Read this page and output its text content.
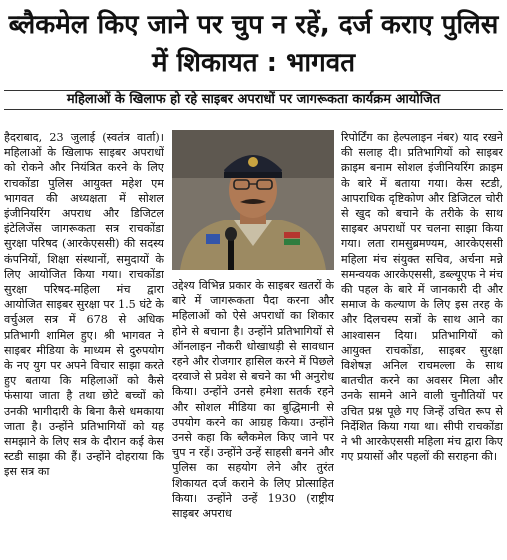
ब्लैकमेल किए जाने पर चुप न रहें, दर्ज कराए पुलिस में शिकायत : भागवत
महिलाओं के खिलाफ हो रहे साइबर अपराधों पर जागरूकता कार्यक्रम आयोजित

हैदराबाद, 23 जुलाई (स्वतंत्र वार्ता)। महिलाओं के खिलाफ साइबर अपराधों को रोकने और नियंत्रित करने के लिए राचकोंडा पुलिस आयुक्त महेश एम भागवत की अध्यक्षता में सोशल इंजीनियरिंग अपराध और डिजिटल इंटेलिजेंस जागरूकता सत्र राचकोंडा सुरक्षा परिषद (आरकेएससी) की सदस्य कंपनियों, शिक्षा संस्थानों, समुदायों के लिए आयोजित किया गया। राचकोंडा सुरक्षा परिषद-महिला मंच द्वारा आयोजित साइबर सुरक्षा पर 1.5 घंटे के वर्चुअल सत्र में 678 से अधिक प्रतिभागी शामिल हुए। श्री भागवत ने साइबर मीडिया के माध्यम से दुरुपयोग के नए युग पर अपने विचार साझा करते हुए बताया कि महिलाओं को कैसे फंसाया जाता है तथा छोटे बच्चों को उनकी भागीदारी के बिना कैसे धमकाया जाता है। उन्होंने प्रतिभागियों को यह समझाने के लिए सत्र के दौरान कई केस स्टडी साझा की हैं। उन्होंने दोहराया कि इस सत्र का

उद्देश्य विभिन्न प्रकार के साइबर खतरों के बारे में जागरूकता पैदा करना और महिलाओं को ऐसे अपराधों का शिकार होने से बचाना है। उन्होंने प्रतिभागियों से ऑनलाइन नौकरी धोखाधड़ी से सावधान रहने और रोजगार हासिल करने में पिछले दरवाजे से प्रवेश से बचने का भी अनुरोध किया। उन्होंने उनसे हमेशा सतर्क रहने और सोशल मीडिया का बुद्धिमानी से उपयोग करने का आग्रह किया। उन्होंने उनसे कहा कि ब्लैकमेल किए जाने पर चुप न रहें। उन्होंने उन्हें साहसी बनने और पुलिस का सहयोग लेने और तुरंत शिकायत दर्ज कराने के लिए प्रोत्साहित किया। उन्होंने उन्हें 1930 (राष्ट्रीय साइबर अपराध

रिपोर्टिंग का हेल्पलाइन नंबर) याद रखने की सलाह दी। प्रतिभागियों को साइबर क्राइम बनाम सोशल इंजीनियरिंग क्राइम के बारे में बताया गया। केस स्टडी, आपराधिक दृष्टिकोण और डिजिटल चोरी से खुद को बचाने के तरीके के साथ साइबर अपराधों पर चलना साझा किया गया। लता रामसुब्रमण्यम, आरकेएससी महिला मंच संयुक्त सचिव, अर्चना मन्ने समन्वयक आरकेएससी, डब्ल्यूएफ ने मंच की पहल के बारे में जानकारी दी और समाज के कल्याण के लिए इस तरह के और दिलचस्प सत्रों के साथ आने का आश्वासन दिया। प्रतिभागियों को आयुक्त राचकोंडा, साइबर सुरक्षा विशेषज्ञ अनिल राचमल्ला के साथ बातचीत करने का अवसर मिला और उनके सामने आने वाली चुनौतियों पर उचित प्रश्न पूछे गए जिन्हें उचित रूप से निर्देशित किया गया था। सीपी राचकोंडा ने भी आरकेएससी महिला मंच द्वारा किए गए प्रयासों और पहलों की सराहना की।
